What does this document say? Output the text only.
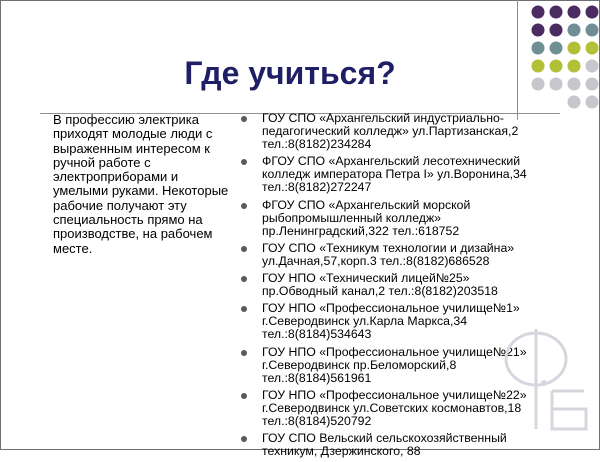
Где учиться?

В профессию электрика приходят молодые люди с выраженным интересом к ручной работе с электроприборами и умелыми руками. Некоторые рабочие получают эту специальность прямо на производстве, на рабочем месте.

ГОУ СПО «Архангельский индустриально-педагогический колледж» ул.Партизанская,2 тел.:8(8182)234284
ФГОУ СПО «Архангельский лесотехнический колледж императора Петра I» ул.Воронина,34 тел.:8(8182)272247
ФГОУ СПО «Архангельский морской рыбопромышленный колледж» пр.Ленинградский,322 тел.:618752
ГОУ СПО «Техникум технологии и дизайна» ул.Дачная,57,корп.3 тел.:8(8182)686528
ГОУ НПО «Технический лицей№25» пр.Обводный канал,2 тел.:8(8182)203518
ГОУ НПО «Профессиональное училище№1» г.Северодвинск ул.Карла Маркса,34 тел.:8(8184)534643
ГОУ НПО «Профессиональное училище№21» г.Северодвинск пр.Беломорский,8 тел.:8(8184)561961
ГОУ НПО «Профессиональное училище№22» г.Северодвинск ул.Советских космонавтов,18 тел.:8(8184)520792
ГОУ СПО Вельский сельскохозяйственный техникум, Дзержинского, 88
